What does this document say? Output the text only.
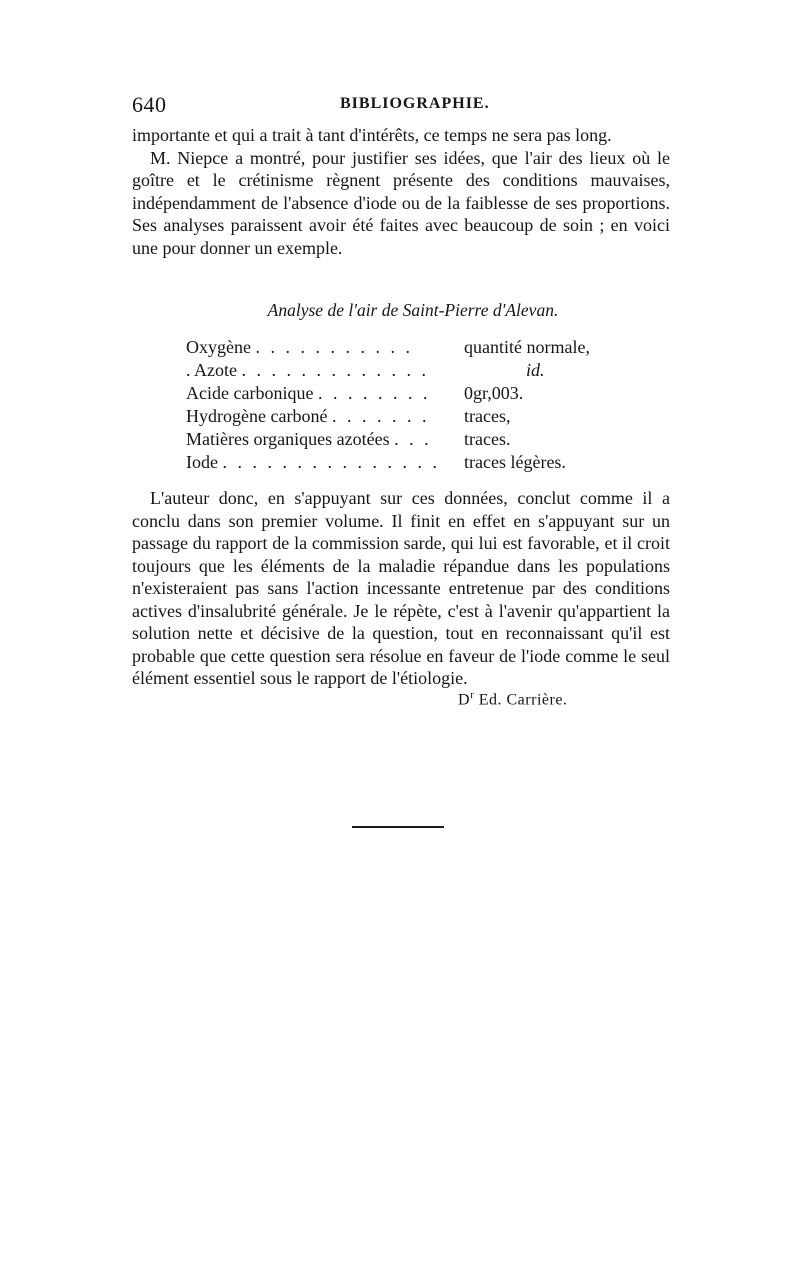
640	BIBLIOGRAPHIE.

importante et qui a trait à tant d'intérêts, ce temps ne sera pas long.

M. Niepce a montré, pour justifier ses idées, que l'air des lieux où le goître et le crétinisme règnent présente des conditions mauvaises, indépendamment de l'absence d'iode ou de la faiblesse de ses proportions. Ses analyses paraissent avoir été faites avec beaucoup de soin ; en voici une pour donner un exemple.

Analyse de l'air de Saint-Pierre d'Alevan.
Oxygène . . . . . . . . . . .	quantité normale,
. Azote . . . . . . . . . . . . .	id.
Acide carbonique . . . . . . . .	0gr,003.
Hydrogène carboné . . . . . . .	traces,
Matières organiques azotées . . .	traces.
Iode . . . . . . . . . . . . . . .	traces légères.

L'auteur donc, en s'appuyant sur ces données, conclut comme il a conclu dans son premier volume. Il finit en effet en s'appuyant sur un passage du rapport de la commission sarde, qui lui est favorable, et il croit toujours que les éléments de la maladie répandue dans les populations n'existeraient pas sans l'action incessante entretenue par des conditions actives d'insalubrité générale. Je le répète, c'est à l'avenir qu'appartient la solution nette et décisive de la question, tout en reconnaissant qu'il est probable que cette question sera résolue en faveur de l'iode comme le seul élément essentiel sous le rapport de l'étiologie.

$D^r$ Ed. Carrière.
